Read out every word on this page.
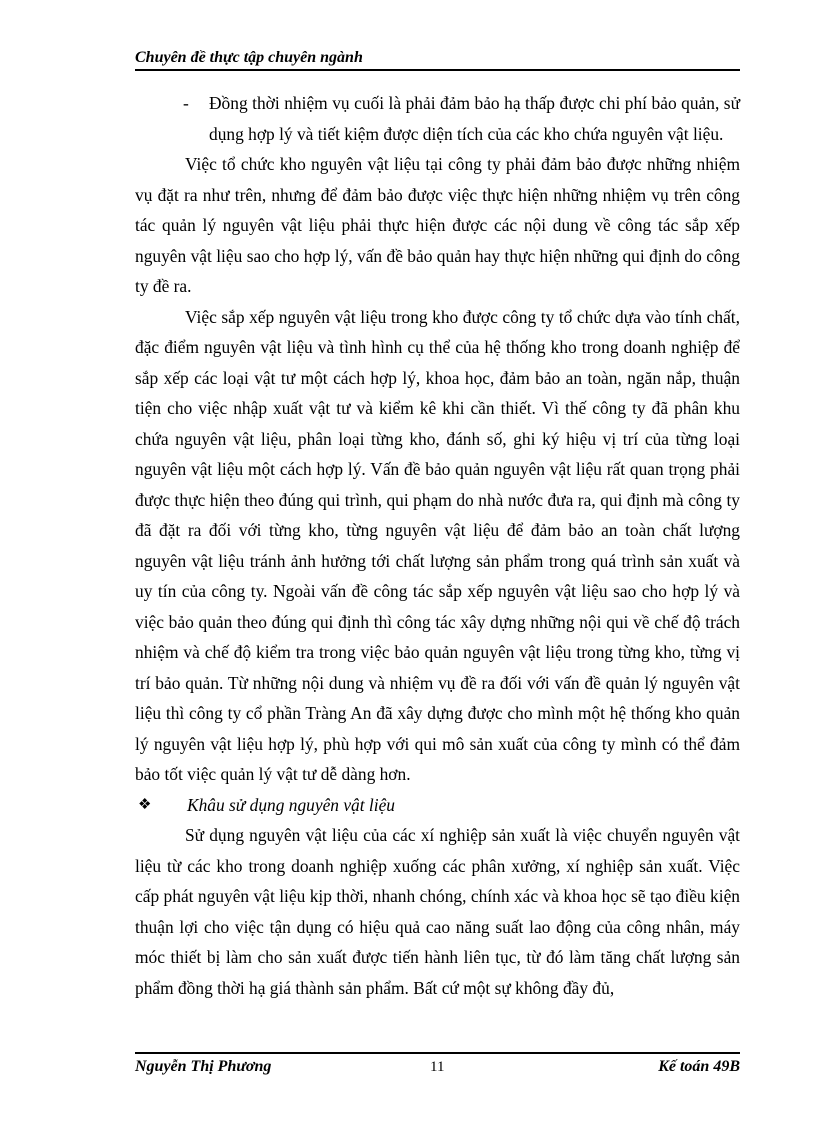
Chuyên đề thực tập chuyên ngành

- Đồng thời nhiệm vụ cuối là phải đảm bảo hạ thấp được chi phí bảo quản, sử dụng hợp lý và tiết kiệm được diện tích của các kho chứa nguyên vật liệu.

Việc tổ chức kho nguyên vật liệu tại công ty phải đảm bảo được những nhiệm vụ đặt ra như trên, nhưng để đảm bảo được việc thực hiện những nhiệm vụ trên công tác quản lý nguyên vật liệu phải thực hiện được các nội dung về công tác sắp xếp nguyên vật liệu sao cho hợp lý, vấn đề bảo quản hay thực hiện những qui định do công ty đề ra.

Việc sắp xếp nguyên vật liệu trong kho được công ty tổ chức dựa vào tính chất, đặc điểm nguyên vật liệu và tình hình cụ thể của hệ thống kho trong doanh nghiệp để sắp xếp các loại vật tư một cách hợp lý, khoa học, đảm bảo an toàn, ngăn nắp, thuận tiện cho việc nhập xuất vật tư và kiểm kê khi cần thiết. Vì thế công ty đã phân khu chứa nguyên vật liệu, phân loại từng kho, đánh số, ghi ký hiệu vị trí của từng loại nguyên vật liệu một cách hợp lý. Vấn đề bảo quản nguyên vật liệu rất quan trọng phải được thực hiện theo đúng qui trình, qui phạm do nhà nước đưa ra, qui định mà công ty đã đặt ra đối với từng kho, từng nguyên vật liệu để đảm bảo an toàn chất lượng nguyên vật liệu tránh ảnh hưởng tới chất lượng sản phẩm trong quá trình sản xuất và uy tín của công ty. Ngoài vấn đề công tác sắp xếp nguyên vật liệu sao cho hợp lý và việc bảo quản theo đúng qui định thì công tác xây dựng những nội qui về chế độ trách nhiệm và chế độ kiểm tra trong việc bảo quản nguyên vật liệu trong từng kho, từng vị trí bảo quản. Từ những nội dung và nhiệm vụ đề ra đối với vấn đề quản lý nguyên vật liệu thì công ty cổ phần Tràng An đã xây dựng được cho mình một hệ thống kho quản lý nguyên vật liệu hợp lý, phù hợp với qui mô sản xuất của công ty mình có thể đảm bảo tốt việc quản lý vật tư dễ dàng hơn.

❖ Khâu sử dụng nguyên vật liệu

Sử dụng nguyên vật liệu của các xí nghiệp sản xuất là việc chuyển nguyên vật liệu từ các kho trong doanh nghiệp xuống các phân xưởng, xí nghiệp sản xuất. Việc cấp phát nguyên vật liệu kịp thời, nhanh chóng, chính xác và khoa học sẽ tạo điều kiện thuận lợi cho việc tận dụng có hiệu quả cao năng suất lao động của công nhân, máy móc thiết bị làm cho sản xuất được tiến hành liên tục, từ đó làm tăng chất lượng sản phẩm đồng thời hạ giá thành sản phẩm. Bất cứ một sự không đầy đủ,

Nguyễn Thị Phương	11	Kế toán 49B
